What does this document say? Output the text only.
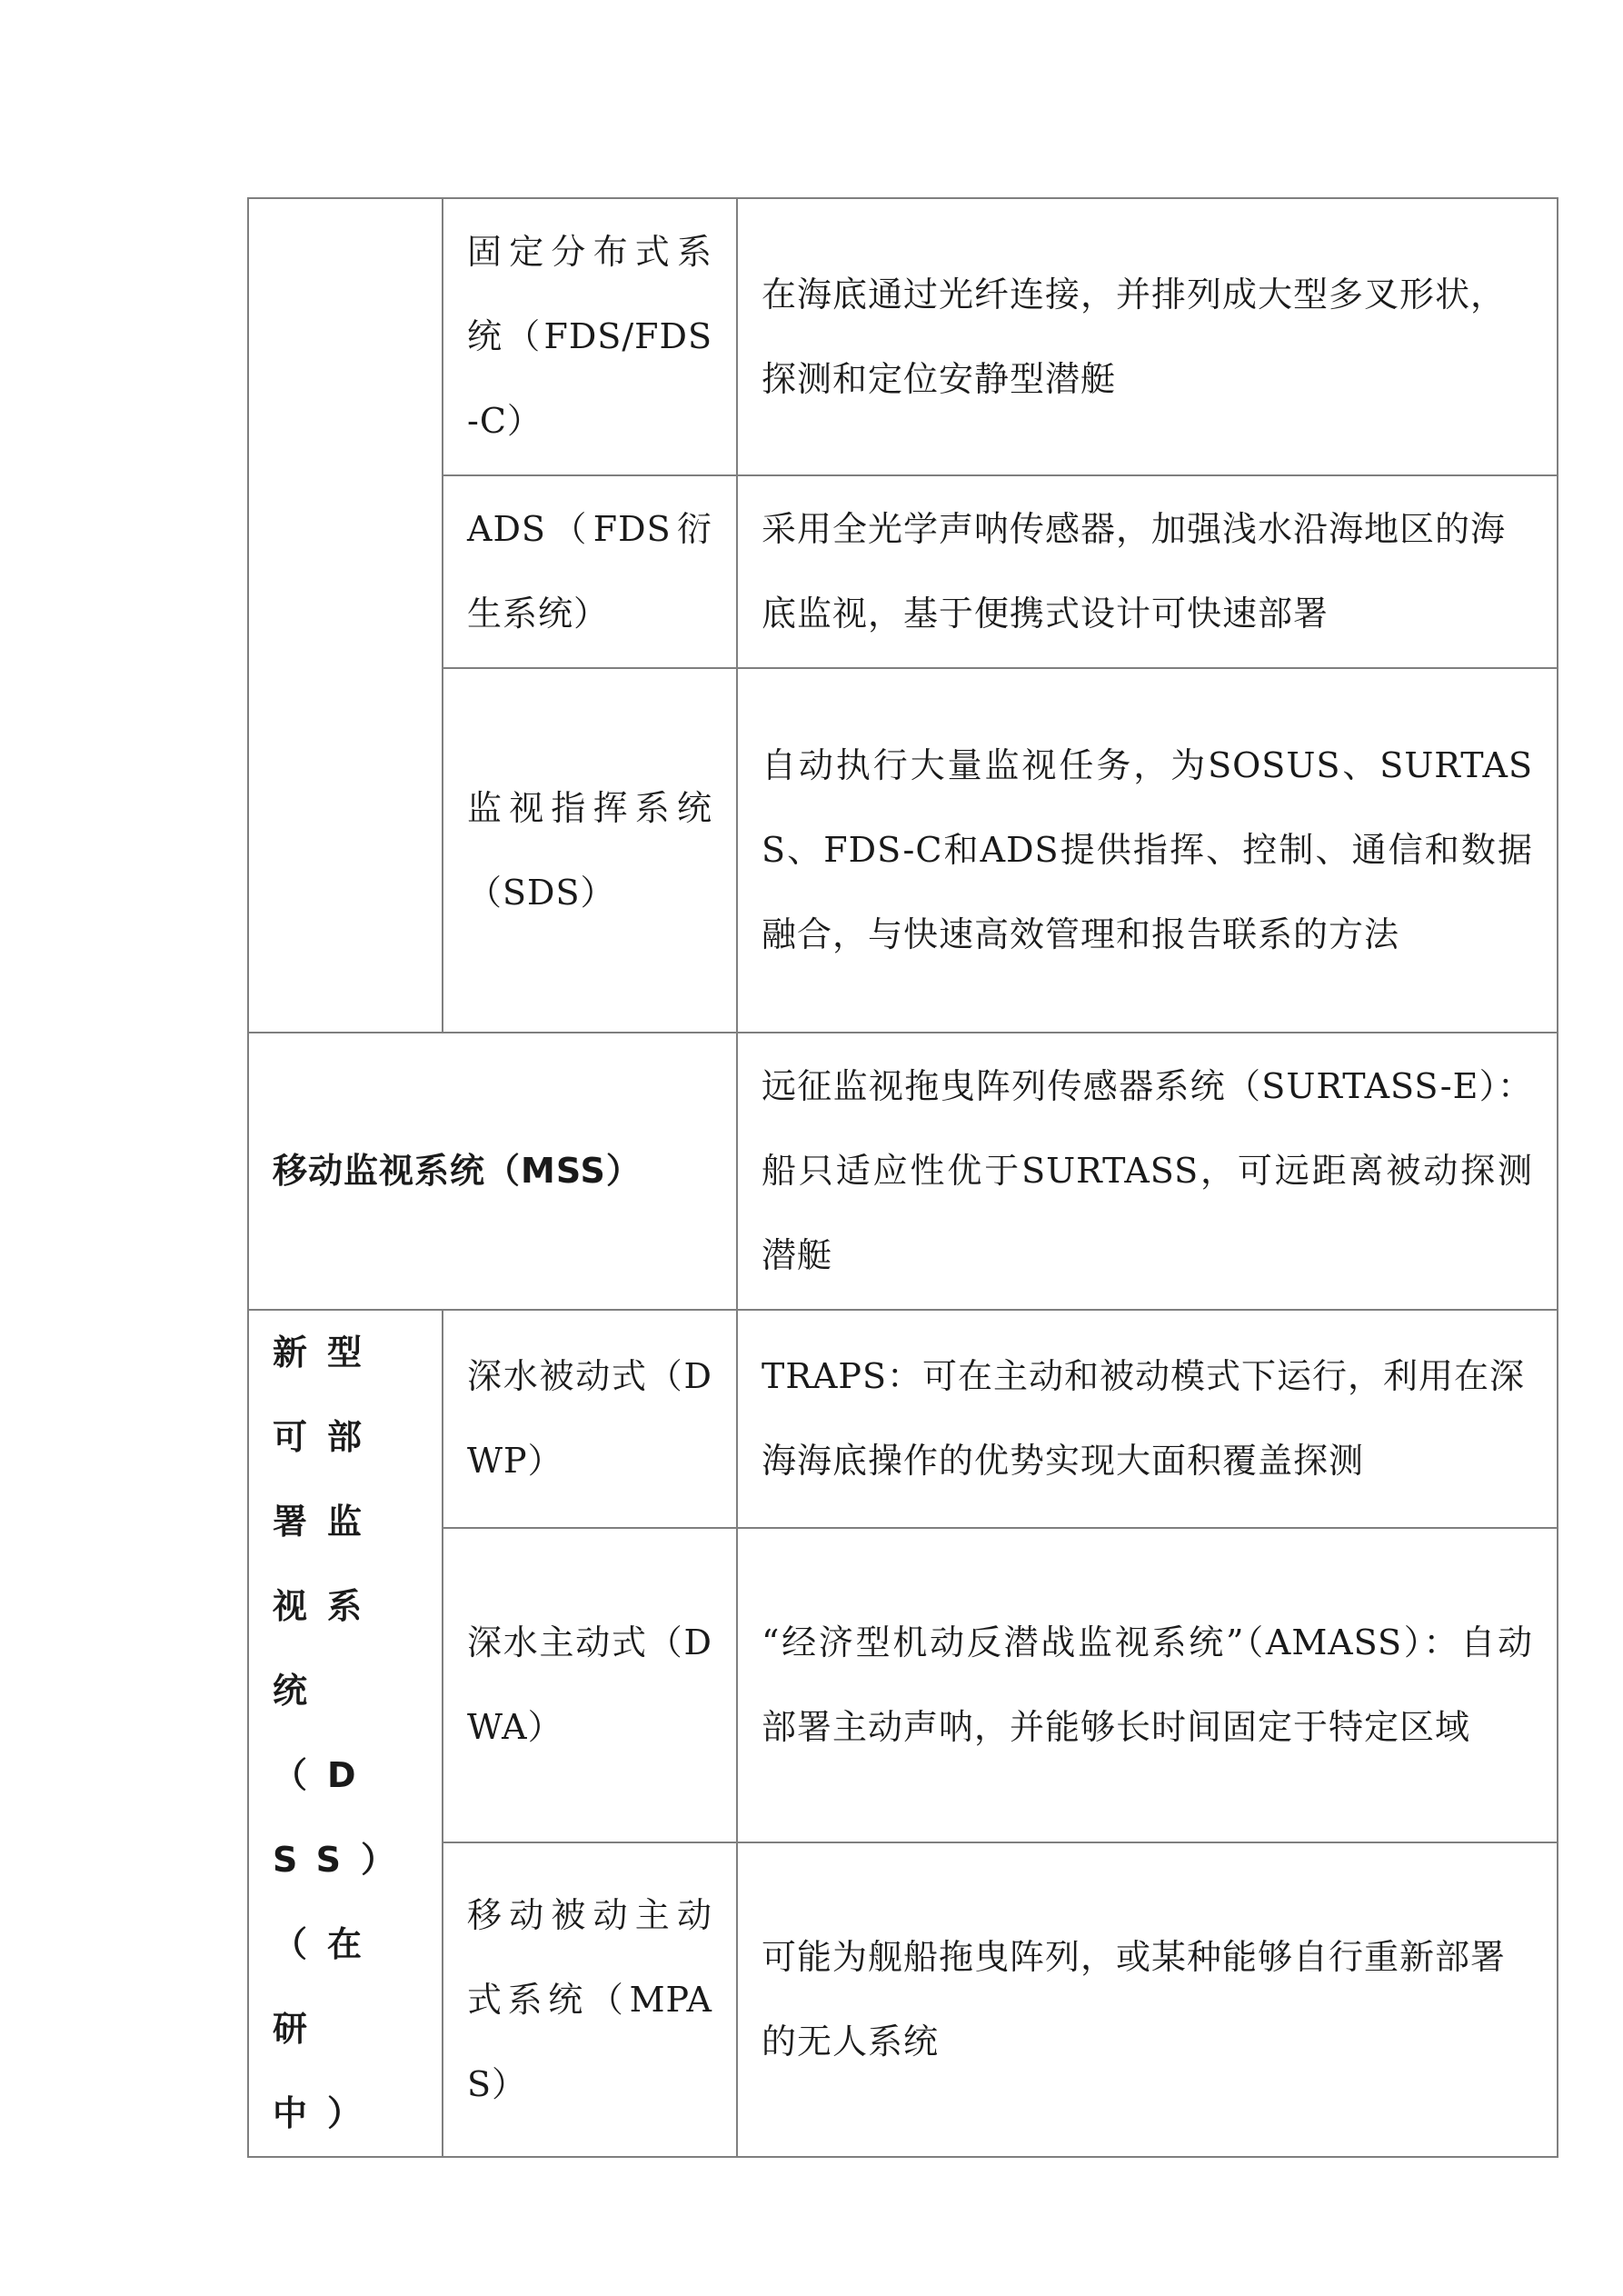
	固定分布式系统（FDS/FDS-C）	在海底通过光纤连接，并排列成大型多叉形状，探测和定位安静型潜艇
	ADS（FDS衍生系统）	采用全光学声呐传感器，加强浅水沿海地区的海底监视，基于便携式设计可快速部署
	监视指挥系统（SDS）	自动执行大量监视任务，为SOSUS、SURTASS、FDS-C和ADS提供指挥、控制、通信和数据融合，与快速高效管理和报告联系的方法
移动监视系统（MSS）		远征监视拖曳阵列传感器系统（SURTASS-E）：船只适应性优于SURTASS，可远距离被动探测潜艇
新型可部署监视系统（DSS）（在研中）	深水被动式（DWP）	TRAPS：可在主动和被动模式下运行，利用在深海海底操作的优势实现大面积覆盖探测
	深水主动式（DWA）	“经济型机动反潜战监视系统”（AMASS）：自动部署主动声呐，并能够长时间固定于特定区域
	移动被动主动式系统（MPAS）	可能为舰船拖曳阵列，或某种能够自行重新部署的无人系统
